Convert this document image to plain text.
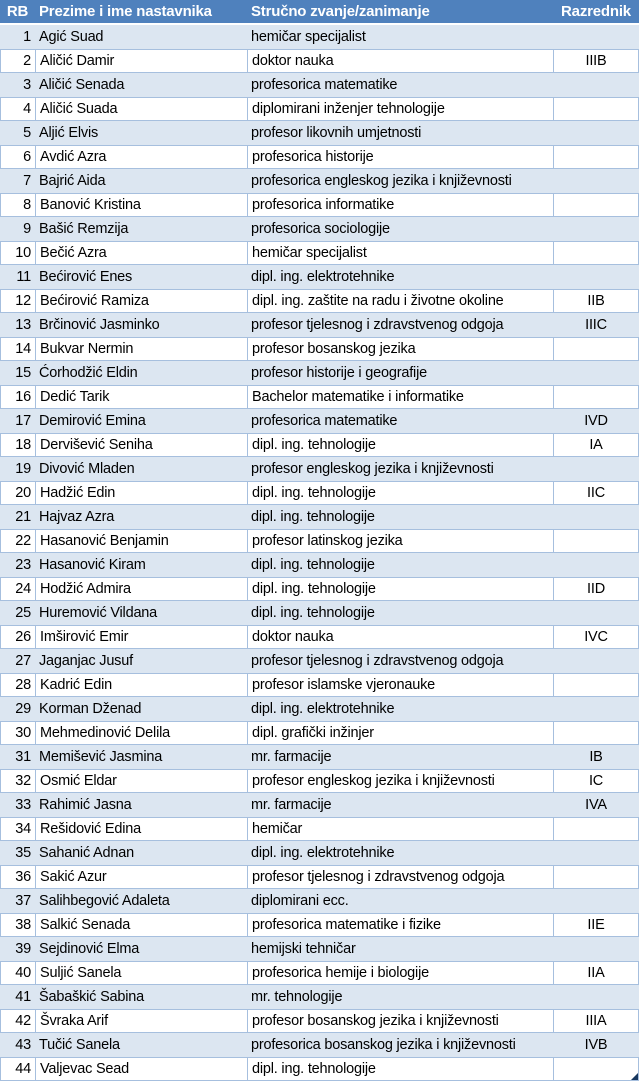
RB Prezime i ime nastavnika	Stručno zvanje/zanimanje	Razrednik
1 Agić Suad	hemičar specijalist
2 Aličić Damir	doktor nauka	IIIB
3 Aličić Senada	profesorica matematike
4 Aličić Suada	diplomirani inženjer tehnologije
5 Aljić Elvis	profesor likovnih umjetnosti
6 Avdić Azra	profesorica historije
7 Bajrić Aida	profesorica engleskog jezika i književnosti
8 Banović Kristina	profesorica informatike
9 Bašić Remzija	profesorica sociologije
10 Bečić Azra	hemičar specijalist
11 Bećirović Enes	dipl. ing. elektrotehnike
12 Bećirović Ramiza	dipl. ing. zaštite na radu i životne okoline	IIB
13 Brčinović Jasminko	profesor tjelesnog i zdravstvenog odgoja	IIIC
14 Bukvar Nermin	profesor bosanskog jezika
15 Ćorhodžić Eldin	profesor historije i geografije
16 Dedić Tarik	Bachelor matematike i informatike
17 Demirović Emina	profesorica matematike	IVD
18 Dervišević Seniha	dipl. ing. tehnologije	IA
19 Divović Mladen	profesor engleskog jezika i književnosti
20 Hadžić Edin	dipl. ing. tehnologije	IIC
21 Hajvaz Azra	dipl. ing. tehnologije
22 Hasanović Benjamin	profesor latinskog jezika
23 Hasanović Kiram	dipl. ing. tehnologije
24 Hodžić Admira	dipl. ing. tehnologije	IID
25 Huremović Vildana	dipl. ing. tehnologije
26 Imširović Emir	doktor nauka	IVC
27 Jaganjac Jusuf	profesor tjelesnog i zdravstvenog odgoja
28 Kadrić Edin	profesor islamske vjeronauke
29 Korman Dženad	dipl. ing. elektrotehnike
30 Mehmedinović Delila	dipl. grafički inžinjer
31 Memišević Jasmina	mr. farmacije	IB
32 Osmić Eldar	profesor engleskog jezika i književnosti	IC
33 Rahimić Jasna	mr. farmacije	IVA
34 Rešidović Edina	hemičar
35 Sahanić Adnan	dipl. ing. elektrotehnike
36 Sakić Azur	profesor tjelesnog i zdravstvenog odgoja
37 Salihbegović Adaleta	diplomirani ecc.
38 Salkić Senada	profesorica matematike i fizike	IIE
39 Sejdinović Elma	hemijski tehničar
40 Suljić Sanela	profesorica hemije i biologije	IIA
41 Šabaškić Sabina	mr. tehnologije
42 Švraka Arif	profesor bosanskog jezika i književnosti	IIIA
43 Tučić Sanela	profesorica bosanskog jezika i književnosti	IVB
44 Valjevac Sead	dipl. ing. tehnologije
